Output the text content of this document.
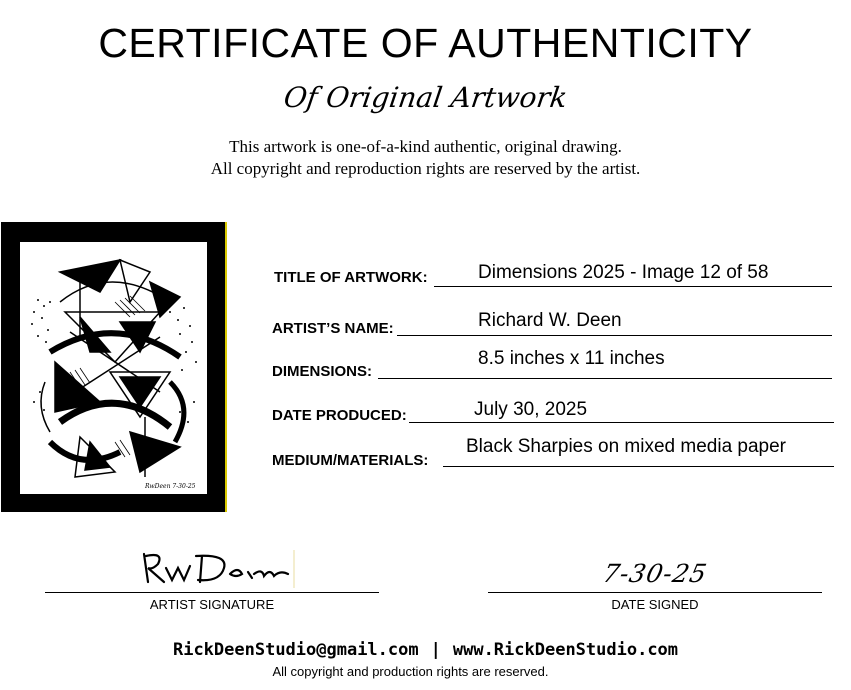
CERTIFICATE OF AUTHENTICITY
Of Original Artwork
This artwork is one-of-a-kind authentic, original drawing.
All copyright and reproduction rights are reserved by the artist.
RwDeen 7-30-25
TITLE OF ARTWORK:	Dimensions 2025 - Image 12 of 58
ARTIST’S NAME:	Richard W. Deen
DIMENSIONS:
8.5 inches x 11 inches
DATE PRODUCED:	July 30, 2025
MEDIUM/MATERIALS:
Black Sharpies on mixed media paper
ARTIST SIGNATURE
7-30-25
DATE SIGNED
RickDeenStudio@gmail.com | www.RickDeenStudio.com
All copyright and production rights are reserved.
